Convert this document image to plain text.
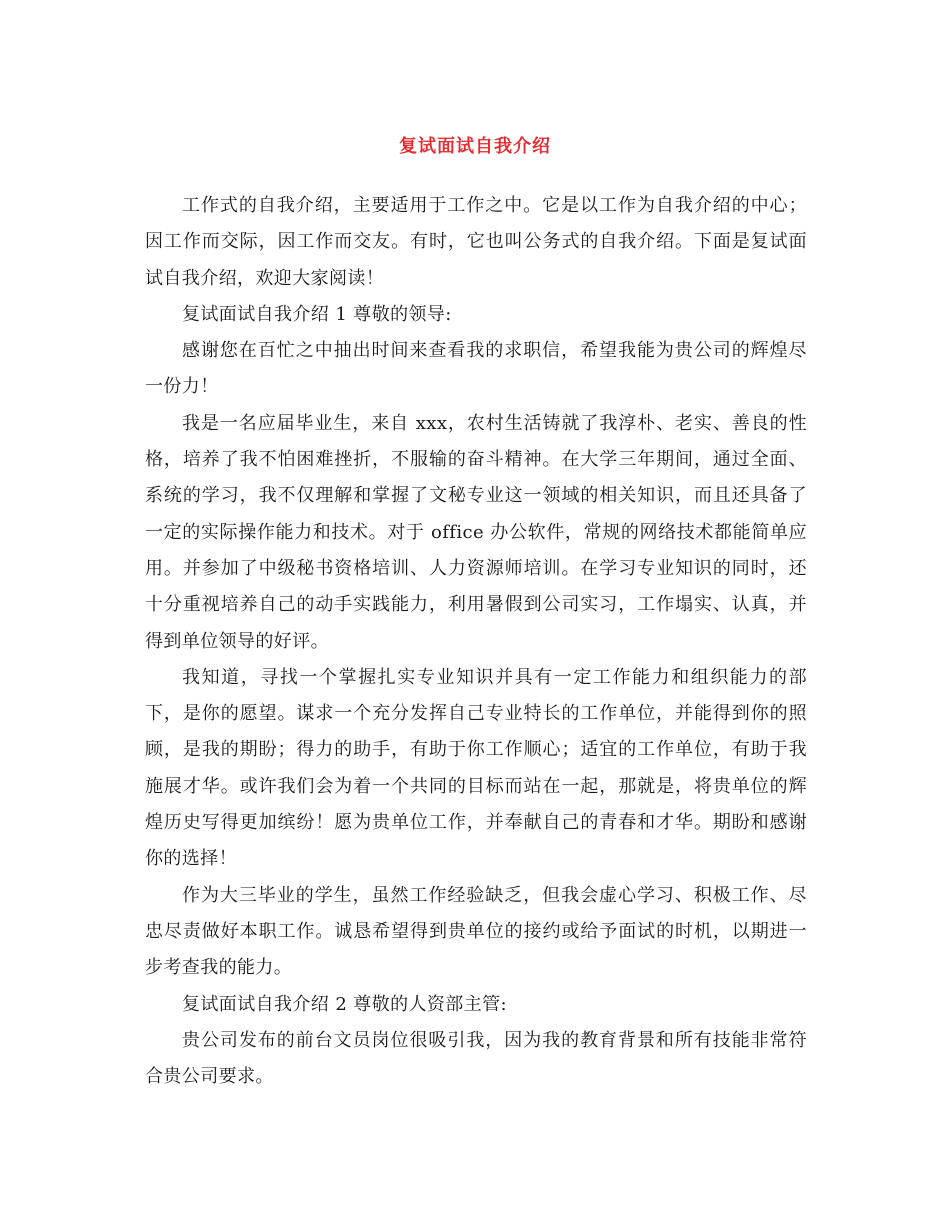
复试面试自我介绍

工作式的自我介绍，主要适用于工作之中。它是以工作为自我介绍的中心；因工作而交际，因工作而交友。有时，它也叫公务式的自我介绍。下面是复试面试自我介绍，欢迎大家阅读！

复试面试自我介绍 1 尊敬的领导:

感谢您在百忙之中抽出时间来查看我的求职信，希望我能为贵公司的辉煌尽一份力！

我是一名应届毕业生，来自 xxx，农村生活铸就了我淳朴、老实、善良的性格，培养了我不怕困难挫折，不服输的奋斗精神。在大学三年期间，通过全面、系统的学习，我不仅理解和掌握了文秘专业这一领域的相关知识，而且还具备了一定的实际操作能力和技术。对于 office 办公软件，常规的网络技术都能简单应用。并参加了中级秘书资格培训、人力资源师培训。在学习专业知识的同时，还十分重视培养自己的动手实践能力，利用暑假到公司实习，工作塌实、认真，并得到单位领导的好评。

我知道，寻找一个掌握扎实专业知识并具有一定工作能力和组织能力的部下，是你的愿望。谋求一个充分发挥自己专业特长的工作单位，并能得到你的照顾，是我的期盼；得力的助手，有助于你工作顺心；适宜的工作单位，有助于我施展才华。或许我们会为着一个共同的目标而站在一起，那就是，将贵单位的辉煌历史写得更加缤纷！愿为贵单位工作，并奉献自己的青春和才华。期盼和感谢你的选择！

作为大三毕业的学生，虽然工作经验缺乏，但我会虚心学习、积极工作、尽忠尽责做好本职工作。诚恳希望得到贵单位的接约或给予面试的时机，以期进一步考查我的能力。

复试面试自我介绍 2 尊敬的人资部主管:

贵公司发布的前台文员岗位很吸引我，因为我的教育背景和所有技能非常符合贵公司要求。
